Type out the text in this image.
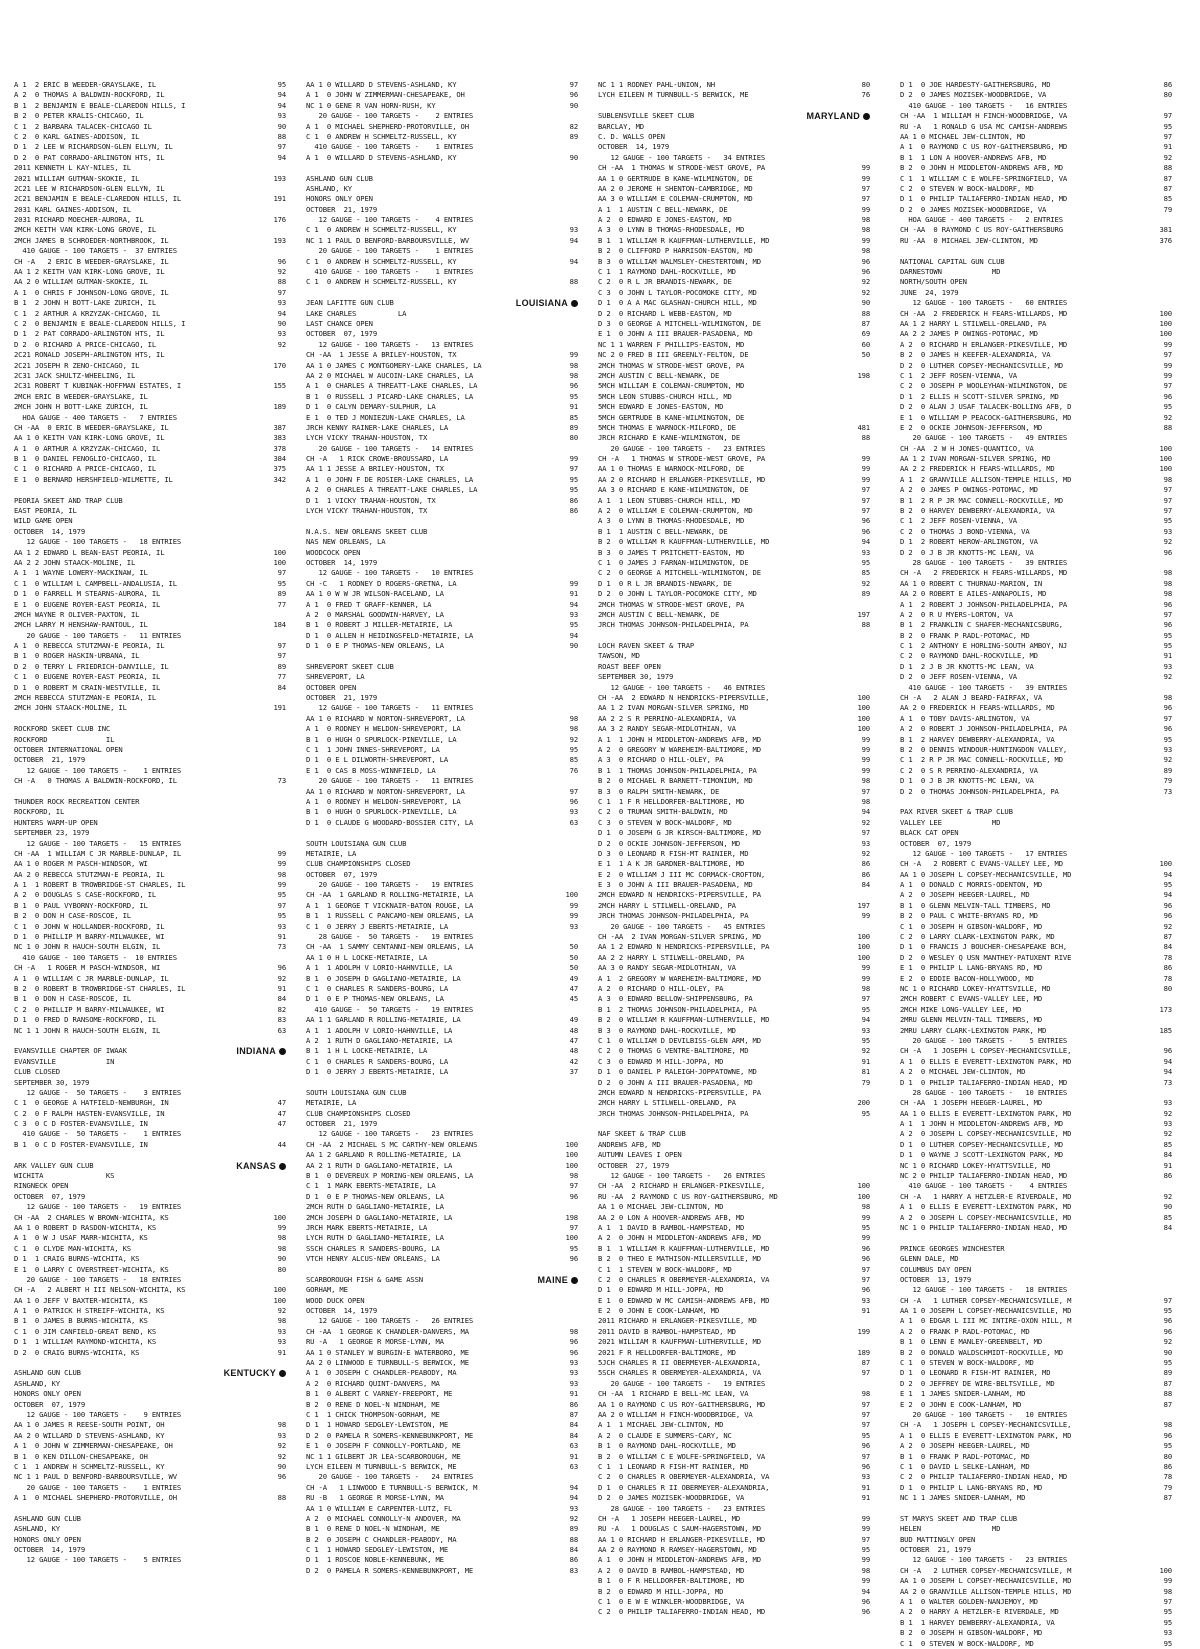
A 1  2 ERIC B WEEDER-GRAYSLAKE, IL	95
A 2  0 THOMAS A BALDWIN-ROCKFORD, IL	94
B 1  2 BENJAMIN E BEALE-CLAREDON HILLS, I	94
B 2  0 PETER KRALIS-CHICAGO, IL	93
C 1  2 BARBARA TALACEK-CHICAGO IL	90
C 2  0 KARL GAINES-ADDISON, IL	88
D 1  2 LEE W RICHARDSON-GLEN ELLYN, IL	97
D 2  0 PAT CORRADO-ARLINGTON HTS, IL	94
2011 KENNETH L KAY-NILES, IL
2021 WILLIAM GUTMAN-SKOKIE, IL	193
2C21 LEE W RICHARDSON-GLEN ELLYN, IL
2C21 BENJAMIN E BEALE-CLAREDON HILLS, IL	191
2031 KARL GAINES-ADDISON, IL
2031 RICHARD MOECHER-AURORA, IL	176
2MCH KEITH VAN KIRK-LONG GROVE, IL
2MCH JAMES B SCHROEDER-NORTHBROOK, IL	193
410 GAUGE - 100 TARGETS -  37 ENTRIES
CH -A   2 ERIC B WEEDER-GRAYSLAKE, IL	96
AA 1 2 KEITH VAN KIRK-LONG GROVE, IL	92
AA 2 0 WILLIAM GUTMAN-SKOKIE, IL	88
A 1  0 CHRIS F JOHNSON-LONG GROVE, IL	97
B 1  2 JOHN H BOTT-LAKE ZURICH, IL	93
C 1  2 ARTHUR A KRZYZAK-CHICAGO, IL	94
C 2  0 BENJAMIN E BEALE-CLAREDON HILLS, I	90
D 1  2 PAT CORRADO-ARLINGTON HTS, IL	93
D 2  0 RICHARD A PRICE-CHICAGO, IL	92
2C21 RONALD JOSEPH-ARLINGTON HTS, IL
2C21 JOSEPH R ZENO-CHICAGO, IL	170
2C31 JACK SHULTZ-WHEELING, IL
2C31 ROBERT T KUBINAK-HOFFMAN ESTATES, I	155
2MCH ERIC B WEEDER-GRAYSLAKE, IL
2MCH JOHN H BOTT-LAKE ZURICH, IL	189
HOA GAUGE - 400 TARGETS -   7 ENTRIES
CH -AA  0 ERIC B WEEDER-GRAYSLAKE, IL	387
AA 1 0 KEITH VAN KIRK-LONG GROVE, IL	383
A 1  0 ARTHUR A KRZYZAK-CHICAGO, IL	378
B 1  0 DANIEL FENOGLIO-CHICAGO, IL	384
C 1  0 RICHARD A PRICE-CHICAGO, IL	375
E 1  0 BERNARD HERSHFIELD-WILMETTE, IL	342
PEORIA SKEET AND TRAP CLUB
EAST PEORIA, IL
WILD GAME OPEN
OCTOBER  14, 1979
12 GAUGE - 100 TARGETS -   18 ENTRIES
AA 1 2 EDWARD L BEAN-EAST PEORIA, IL	100
AA 2 2 JOHN STAACK-MOLINE, IL	100
A 1  1 WAYNE LOWERY-MACKINAW, IL	97
C 1  0 WILLIAM L CAMPBELL-ANDALUSIA, IL	95
D 1  0 FARRELL M STEARNS-AURORA, IL	89
E 1  0 EUGENE ROYER-EAST PEORIA, IL	77
2MCH WAYNE R OLIVER-PAXTON, IL
2MCH LARRY M HENSHAW-RANTOUL, IL	184
20 GAUGE - 100 TARGETS -   11 ENTRIES
A 1  0 REBECCA STUTZMAN-E PEORIA, IL	97
B 1  0 ROGER HASKIN-URBANA, IL	97
D 2  0 TERRY L FRIEDRICH-DANVILLE, IL	89
C 1  0 EUGENE ROYER-EAST PEORIA, IL	77
D 1  0 ROBERT M CRAIN-WESTVILLE, IL	84
2MCH REBECCA STUTZMAN-E PEORIA, IL
2MCH JOHN STAACK-MOLINE, IL	191
ROCKFORD SKEET CLUB INC
ROCKFORD              IL
OCTOBER INTERNATIONAL OPEN
OCTOBER  21, 1979
12 GAUGE - 100 TARGETS -    1 ENTRIES
CH -A   0 THOMAS A BALDWIN-ROCKFORD, IL	73
THUNDER ROCK RECREATION CENTER
ROCKFORD, IL
HUNTERS WARM-UP OPEN
SEPTEMBER 23, 1979
12 GAUGE - 100 TARGETS -   15 ENTRIES
CH -AA  1 WILLIAM C JR MARBLE-DUNLAP, IL	99
AA 1 0 ROGER M PASCH-WINDSOR, WI	99
AA 2 0 REBECCA STUTZMAN-E PEORIA, IL	98
A 1  1 ROBERT B TROWBRIDGE-ST CHARLES, IL	99
A 2  0 DOUGLAS S CASE-ROCKFORD, IL	95
B 1  0 PAUL VYBORNY-ROCKFORD, IL	97
B 2  0 DON H CASE-ROSCOE, IL	95
C 1  0 JOHN W HOLLANDER-ROCKFORD, IL	93
D 1  0 PHILLIP M BARRY-MILWAUKEE, WI	91
NC 1 0 JOHN R HAUCH-SOUTH ELGIN, IL	73
410 GAUGE - 100 TARGETS -  10 ENTRIES
CH -A   1 ROGER M PASCH-WINDSOR, WI	96
A 1  0 WILLIAM C JR MARBLE-DUNLAP, IL	92
B 2  0 ROBERT B TROWBRIDGE-ST CHARLES, IL	91
B 1  0 DON H CASE-ROSCOE, IL	84
C 2  0 PHILLIP M BARRY-MILWAUKEE, WI	82
D 1  0 FRED D RANSOME-ROCKFORD, IL	83
NC 1 1 JOHN R HAUCH-SOUTH ELGIN, IL	63
EVANSVILLE CHAPTER OF IWAAK	INDIANA
EVANSVILLE            IN
CLUB CLOSED
SEPTEMBER 30, 1979
12 GAUGE -  50 TARGETS -    3 ENTRIES
C 1  0 GEORGE A HATFIELD-NEWBURGH, IN	47
C 2  0 F RALPH HASTEN-EVANSVILLE, IN	47
C 3  0 C D FOSTER-EVANSVILLE, IN	47
410 GAUGE -  50 TARGETS -    1 ENTRIES
B 1  0 C D FOSTER-EVANSVILLE, IN	44
ARK VALLEY GUN CLUB	KANSAS
WICHITA               KS
RINGNECK OPEN
OCTOBER  07, 1979
12 GAUGE - 100 TARGETS -   19 ENTRIES
CH -AA  2 CHARLES W BROWN-WICHITA, KS	100
AA 1 0 ROBERT D RASDON-WICHITA, KS	99
A 1  0 W J USAF MARR-WICHITA, KS	98
C 1  0 CLYDE MAN-WICHITA, KS	98
D 1  1 CRAIG BURNS-WICHITA, KS	90
E 1  0 LARRY C OVERSTREET-WICHITA, KS	80
20 GAUGE - 100 TARGETS -   18 ENTRIES
CH -A   2 ALBERT H III NELSON-WICHITA, KS	100
AA 1 0 JEFF V BAXTER-WICHITA, KS	100
A 1  0 PATRICK H STREIFF-WICHITA, KS	92
B 1  0 JAMES B BURNS-WICHITA, KS	98
C 1  0 JIM CANFIELD-GREAT BEND, KS	93
D 1  1 WILLIAM RAYMOND-WICHITA, KS	93
D 2  0 CRAIG BURNS-WICHITA, KS	91
ASHLAND GUN CLUB	KENTUCKY
ASHLAND, KY
HONORS ONLY OPEN
OCTOBER  07, 1979
12 GAUGE - 100 TARGETS -    9 ENTRIES
AA 1 0 JAMES R REESE-SOUTH POINT, OH	98
AA 2 0 WILLARD D STEVENS-ASHLAND, KY	93
A 1  0 JOHN W ZIMMERMAN-CHESAPEAKE, OH	92
B 1  0 KEN DILLON-CHESAPEAKE, OH	92
C 1  1 ANDREW H SCHMELTZ-RUSSELL, KY	90
NC 1 1 PAUL D BENFORD-BARBOURSVILLE, WV	96
20 GAUGE - 100 TARGETS -    1 ENTRIES
A 1  0 MICHAEL SHEPHERD-PROTORVILLE, OH	88
ASHLAND GUN CLUB
ASHLAND, KY
HONORS ONLY OPEN
OCTOBER  14, 1979
12 GAUGE - 100 TARGETS -    5 ENTRIES
AA 1 0 WILLARD D STEVENS-ASHLAND, KY	97
A 1  0 JOHN W ZIMMERMAN-CHESAPEAKE, OH	96
NC 1 0 GENE R VAN HORN-RUSH, KY	90
20 GAUGE - 100 TARGETS -    2 ENTRIES
A 1  0 MICHAEL SHEPHERD-PROTORVILLE, OH	82
C 1  0 ANDREW H SCHMELTZ-RUSSELL, KY	89
410 GAUGE - 100 TARGETS -    1 ENTRIES
A 1  0 WILLARD D STEVENS-ASHLAND, KY	90
ASHLAND GUN CLUB
ASHLAND, KY
HONORS ONLY OPEN
OCTOBER  21, 1979
12 GAUGE - 100 TARGETS -    4 ENTRIES
C 1  0 ANDREW H SCHMELTZ-RUSSELL, KY	93
NC 1 1 PAUL D BENFORD-BARBOURSVILLE, WV	94
20 GAUGE - 100 TARGETS -    1 ENTRIES
C 1  0 ANDREW H SCHMELTZ-RUSSELL, KY	94
410 GAUGE - 100 TARGETS -    1 ENTRIES
C 1  0 ANDREW H SCHMELTZ-RUSSELL, KY	88
JEAN LAFITTE GUN CLUB	LOUISIANA
LAKE CHARLES          LA
LAST CHANCE OPEN
OCTOBER  07, 1979
12 GAUGE - 100 TARGETS -   13 ENTRIES
CH -AA  1 JESSE A BRILEY-HOUSTON, TX	99
AA 1 0 JAMES C MONTGOMERY-LAKE CHARLES, LA	98
AA 2 0 MICHAEL W AUCOIN-LAKE CHARLES, LA	98
A 1  0 CHARLES A THREATT-LAKE CHARLES, LA	96
B 1  0 RUSSELL J PICARD-LAKE CHARLES, LA	95
D 1  0 CALYN DEMARY-SULPHUR, LA	91
E 1  0 TED J MONIEZUN-LAKE CHARLES, LA	85
JRCH KENNY RAINER-LAKE CHARLES, LA	89
LYCH VICKY TRAHAN-HOUSTON, TX	80
20 GAUGE - 100 TARGETS -   14 ENTRIES
CH -A   1 RICK CROWE-BROUSSARD, LA	99
AA 1 1 JESSE A BRILEY-HOUSTON, TX	97
A 1  0 JOHN F DE ROSIER-LAKE CHARLES, LA	95
A 2  0 CHARLES A THREATT-LAKE CHARLES, LA	95
D 1  1 VICKY TRAHAN-HOUSTON, TX	86
LYCH VICKY TRAHAN-HOUSTON, TX	86
N.A.S. NEW ORLEANS SKEET CLUB
NAS NEW ORLEANS, LA
WOODCOCK OPEN
OCTOBER  14, 1979
12 GAUGE - 100 TARGETS -   10 ENTRIES
CH -C   1 RODNEY D ROGERS-GRETNA, LA	99
AA 1 0 W W JR WILSON-RACELAND, LA	91
A 1  0 FRED T GRAFF-KENNER, LA	94
A 2  0 MARSHAL GOODWIN-HARVEY, LA	93
B 1  0 ROBERT J MILLER-METAIRIE, LA	95
D 1  0 ALLEN H HEIDINGSFELD-METAIRIE, LA	94
D 1  0 E P THOMAS-NEW ORLEANS, LA	90
SHREVEPORT SKEET CLUB
SHREVEPORT, LA
OCTOBER OPEN
OCTOBER  21, 1979
12 GAUGE - 100 TARGETS -   11 ENTRIES
AA 1 0 RICHARD W NORTON-SHREVEPORT, LA	98
A 1  0 RODNEY H WELDON-SHREVEPORT, LA	98
B 1  0 HUGH O SPURLOCK-PINEVILLE, LA	92
C 1  1 JOHN INNES-SHREVEPORT, LA	95
D 1  0 E L DILWORTH-SHREVEPORT, LA	85
E 1  0 CAS B MOSS-WINNFIELD, LA	76
20 GAUGE - 100 TARGETS -   11 ENTRIES
AA 1 0 RICHARD W NORTON-SHREVEPORT, LA	97
A 1  0 RODNEY H WELDON-SHREVEPORT, LA	96
B 1  0 HUGH O SPURLOCK-PINEVILLE, LA	93
D 1  0 CLAUDE G WOODARD-BOSSIER CITY, LA	63
SOUTH LOUISIANA GUN CLUB
METAIRIE, LA
CLUB CHAMPIONSHIPS CLOSED
OCTOBER  07, 1979
20 GAUGE - 100 TARGETS -   19 ENTRIES
CH -AA  1 GARLAND R ROLLING-METAIRIE, LA	100
A 1  1 GEORGE T VICKNAIR-BATON ROUGE, LA	99
B 1  1 RUSSELL C PANCAMO-NEW ORLEANS, LA	99
C 1  0 JERRY J EBERTS-METAIRIE, LA	93
28 GAUGE -  50 TARGETS -   19 ENTRIES
CH -AA  1 SAMMY CENTANNI-NEW ORLEANS, LA	50
AA 1 0 H L LOCKE-METAIRIE, LA	50
A 1  1 ADOLPH V LORIO-HAHNVILLE, LA	50
B 1  0 JOSEPH D GAGLIANO-METAIRIE, LA	49
C 1  0 CHARLES R SANDERS-BOURG, LA	47
D 1  0 E P THOMAS-NEW ORLEANS, LA	45
410 GAUGE -  50 TARGETS -   19 ENTRIES
AA 1 1 GARLAND R ROLLING-METAIRIE, LA	49
A 1  1 ADOLPH V LORIO-HAHNVILLE, LA	48
A 2  1 RUTH D GAGLIANO-METAIRIE, LA	47
B 1  1 H L LOCKE-METAIRIE, LA	48
C 1  0 CHARLES R SANDERS-BOURG, LA	42
D 1  0 JERRY J EBERTS-METAIRIE, LA	37
SOUTH LOUISIANA GUN CLUB
METAIRIE, LA
CLUB CHAMPIONSHIPS CLOSED
OCTOBER  21, 1979
12 GAUGE - 100 TARGETS -   23 ENTRIES
CH -AA  2 MICHAEL S MC CARTHY-NEW ORLEANS	100
AA 1 2 GARLAND R ROLLING-METAIRIE, LA	100
AA 2 1 RUTH D GAGLIANO-METAIRIE, LA	100
B 1  0 DEVEREUX P MORING-NEW ORLEANS, LA	98
C 1  1 MARK EBERTS-METAIRIE, LA	97
D 1  0 E P THOMAS-NEW ORLEANS, LA	96
2MCH RUTH D GAGLIANO-METAIRIE, LA
2MCH JOSEPH D GAGLIANO-METAIRIE, LA	198
JRCH MARK EBERTS-METAIRIE, LA	97
LYCH RUTH D GAGLIANO-METAIRIE, LA	100
SSCH CHARLES R SANDERS-BOURG, LA	95
VTCH HENRY ALCUS-NEW ORLEANS, LA	96
SCARBOROUGH FISH & GAME ASSN	MAINE
GORHAM, ME
WOOD DUCK OPEN
OCTOBER  14, 1979
12 GAUGE - 100 TARGETS -   26 ENTRIES
CH -AA  1 GEORGE K CHANDLER-DANVERS, MA	98
RU -A   1 GEORGE R MORSE-LYNN, MA	96
AA 1 0 STANLEY W BURGIN-E WATERBORO, ME	96
AA 2 0 LINWOOD E TURNBULL-S BERWICK, ME	93
A 1  0 JOSEPH C CHANDLER-PEABODY, MA	93
A 2  0 RICHARD QUINT-DANVERS, MA	93
B 1  0 ALBERT C VARNEY-FREEPORT, ME	91
B 2  0 RENE D NOEL-N WINDHAM, ME	86
C 1  1 CHICK THOMPSON-GORHAM, ME	87
D 1  1 HOWARD SEDGLEY-LEWISTON, ME	84
D 2  0 PAMELA R SOMERS-KENNEBUNKPORT, ME	84
E 1  0 JOSEPH F CONNOLLY-PORTLAND, ME	63
NC 1 1 GILBERT JR LEA-SCARBOROUGH, ME	91
LYCH EILEEN M TURNBULL-S BERWICK, ME	63
20 GAUGE - 100 TARGETS -   24 ENTRIES
CH -A   1 LINWOOD E TURNBULL-S BERWICK, M	94
RU -B   1 GEORGE R MORSE-LYNN, MA	94
AA 1 0 WILLIAM E CARPENTER-LUTZ, FL	93
A 2  0 MICHAEL CONNOLLY-N ANDOVER, MA	92
B 1  0 RENE D NOEL-N WINDHAM, ME	89
B 2  0 JOSEPH C CHANDLER-PEABODY, MA	88
C 1  1 HOWARD SEDGLEY-LEWISTON, ME	84
D 1  1 ROSCOE NOBLE-KENNEBUNK, ME	86
D 2  0 PAMELA R SOMERS-KENNEBUNKPORT, ME	83
NC 1 1 RODNEY PAHL-UNION, NH	80
LYCH EILEEN M TURNBULL-S BERWICK, ME	76
SUBLENSVILLE SKEET CLUB	MARYLAND
BARCLAY, MD
C. D. WALLS OPEN
OCTOBER  14, 1979
12 GAUGE - 100 TARGETS -   34 ENTRIES
CH -AA  1 THOMAS W STRODE-WEST GROVE, PA	99
AA 1 0 GERTRUDE B KANE-WILMINGTON, DE	99
AA 2 0 JEROME H SHENTON-CAMBRIDGE, MD	97
AA 3 0 WILLIAM E COLEMAN-CRUMPTON, MD	97
A 1  1 AUSTIN C BELL-NEWARK, DE	99
A 2  0 EDWARD E JONES-EASTON, MD	98
A 3  0 LYNN B THOMAS-RHODESDALE, MD	98
B 1  1 WILLIAM R KAUFFMAN-LUTHERVILLE, MD	99
B 2  0 CLIFFORD P HARRISON-EASTON, MD	98
B 3  0 WILLIAM WALMSLEY-CHESTERTOWN, MD	96
C 1  1 RAYMOND DAHL-ROCKVILLE, MD	96
C 2  0 R L JR BRANDIS-NEWARK, DE	92
C 3  0 JOHN L TAYLOR-POCOMOKE CITY, MD	92
D 1  0 A A MAC GLASHAN-CHURCH HILL, MD	90
D 2  0 RICHARD L WEBB-EASTON, MD	88
D 3  0 GEORGE A MITCHELL-WILMINGTON, DE	87
E 1  0 JOHN A III BRAUER-PASADENA, MD	69
NC 1 1 WARREN F PHILLIPS-EASTON, MD	60
NC 2 0 FRED B III GREENLY-FELTON, DE	50
2MCH THOMAS W STRODE-WEST GROVE, PA
2MCH AUSTIN C BELL-NEWARK, DE	198
5MCH WILLIAM E COLEMAN-CRUMPTON, MD
5MCH LEON STUBBS-CHURCH HILL, MD
5MCH EDWARD E JONES-EASTON, MD
5MCH GERTRUDE B KANE-WILMINGTON, DE
5MCH THOMAS E WARNOCK-MILFORD, DE	481
JRCH RICHARD E KANE-WILMINGTON, DE	88
20 GAUGE - 100 TARGETS -   23 ENTRIES
CH -A   1 THOMAS W STRODE-WEST GROVE, PA	99
AA 1 0 THOMAS E WARNOCK-MILFORD, DE	99
AA 2 0 RICHARD H ERLANGER-PIKESVILLE, MD	99
AA 3 0 RICHARD E KANE-WILMINGTON, DE	97
A 1  1 LEON STUBBS-CHURCH HILL, MD	97
A 2  0 WILLIAM E COLEMAN-CRUMPTON, MD	97
A 3  0 LYNN B THOMAS-RHODESDALE, MD	96
B 1  1 AUSTIN C BELL-NEWARK, DE	96
B 2  0 WILLIAM R KAUFFMAN-LUTHERVILLE, MD	94
B 3  0 JAMES T PRITCHETT-EASTON, MD	93
C 1  0 JAMES J FARNAN-WILMINGTON, DE	95
C 2  0 GEORGE A MITCHELL-WILMINGTON, DE	85
D 1  0 R L JR BRANDIS-NEWARK, DE	92
D 2  0 JOHN L TAYLOR-POCOMOKE CITY, MD	89
2MCH THOMAS W STRODE-WEST GROVE, PA
2MCH AUSTIN C BELL-NEWARK, DE	197
JRCH THOMAS JOHNSON-PHILADELPHIA, PA	88
LOCH RAVEN SKEET & TRAP
TAWSON, MD
ROAST BEEF OPEN
SEPTEMBER 30, 1979
12 GAUGE - 100 TARGETS -   46 ENTRIES
CH -AA  2 EDWARD N HENDRICKS-PIPERSVILLE,	100
AA 1 2 IVAN MORGAN-SILVER SPRING, MD	100
AA 2 2 S R PERRINO-ALEXANDRIA, VA	100
AA 3 2 RANDY SEGAR-MIDLOTHIAN, VA	100
A 1  1 JOHN H MIDDLETON-ANDREWS AFB, MD	99
A 2  0 GREGORY W WAREHEIM-BALTIMORE, MD	99
A 3  0 RICHARD O HILL-OLEY, PA	99
B 1  1 THOMAS JOHNSON-PHILADELPHIA, PA	99
B 2  0 MICHAEL R BARNETT-TIMONIUM, MD	98
B 3  0 RALPH SMITH-NEWARK, DE	97
C 1  1 F R HELLDORFER-BALTIMORE, MD	98
C 2  0 TRUMAN SMITH-BALDWIN, MD	94
C 3  0 STEVEN W BOCK-WALDORF, MD	92
D 1  0 JOSEPH G JR KIRSCH-BALTIMORE, MD	97
D 2  0 OCKIE JOHNSON-JEFFERSON, MD	93
D 3  0 LEONARD R FISH-MT RAINIER, MD	92
E 1  1 A K JR GARDNER-BALTIMORE, MD	86
E 2  0 WILLIAM J III MC CORMACK-CROFTON,	86
E 3  0 JOHN A III BRAUER-PASADENA, MD	84
2MCH EDWARD N HENDRICKS-PIPERSVILLE, PA
2MCH HARRY L STILWELL-ORELAND, PA	197
JRCH THOMAS JOHNSON-PHILADELPHIA, PA	99
20 GAUGE - 100 TARGETS -   45 ENTRIES
CH -AA  2 IVAN MORGAN-SILVER SPRING, MD	100
AA 1 2 EDWARD N HENDRICKS-PIPERSVILLE, PA	100
AA 2 2 HARRY L STILWELL-ORELAND, PA	100
AA 3 0 RANDY SEGAR-MIDLOTHIAN, VA	99
A 1  2 GREGORY W WAREHEIM-BALTIMORE, MD	99
A 2  0 RICHARD O HILL-OLEY, PA	98
A 3  0 EDWARD BELLOW-SHIPPENSBURG, PA	97
B 1  2 THOMAS JOHNSON-PHILADELPHIA, PA	95
B 2  0 WILLIAM R KAUFFMAN-LUTHERVILLE, MD	94
B 3  0 RAYMOND DAHL-ROCKVILLE, MD	93
C 1  0 WILLIAM D DEVILBISS-GLEN ARM, MD	95
C 2  0 THOMAS G VENTRE-BALTIMORE, MD	92
C 3  0 EDWARD M HILL-JOPPA, MD	91
D 1  0 DANIEL P RALEIGH-JOPPATOWNE, MD	81
D 2  0 JOHN A III BRAUER-PASADENA, MD	79
2MCH EDWARD N HENDRICKS-PIPERSVILLE, PA
2MCH HARRY L STILWELL-ORELAND, PA	200
JRCH THOMAS JOHNSON-PHILADELPHIA, PA	95
NAF SKEET & TRAP CLUB
ANDREWS AFB, MD
AUTUMN LEAVES I OPEN
OCTOBER  27, 1979
12 GAUGE - 100 TARGETS -   26 ENTRIES
CH -AA  2 RICHARD H ERLANGER-PIKESVILLE,	100
RU -AA  2 RAYMOND C US ROY-GAITHERSBURG, MD	100
AA 1 0 MICHAEL JEW-CLINTON, MD	98
AA 2 0 LON A HOOVER-ANDREWS AFB, MD	99
A 1  1 DAVID B RAMBOL-HAMPSTEAD, MD	95
A 2  0 JOHN H MIDDLETON-ANDREWS AFB, MD	99
B 1  1 WILLIAM R KAUFFMAN-LUTHERVILLE, MD	96
B 2  0 THEO E MATHISON-MILLERSVILLE, MD	96
C 1  1 STEVEN W BOCK-WALDORF, MD	97
C 2  0 CHARLES R OBERMEYER-ALEXANDRIA, VA	97
D 1  0 EDWARD M HILL-JOPPA, MD	96
E 1  0 EDWARD W MC CAMISH-ANDREWS AFB, MD	93
E 2  0 JOHN E COOK-LANHAM, MD	91
2011 RICHARD H ERLANGER-PIKESVILLE, MD
2011 DAVID B RAMBOL-HAMPSTEAD, MD	199
2021 WILLIAM R KAUFFMAN-LUTHERVILLE, MD
2021 F R HELLDORFER-BALTIMORE, MD	189
5JCH CHARLES R II OBERMEYER-ALEXANDRIA,	87
5SCH CHARLES R OBERMEYER-ALEXANDRIA, VA	97
20 GAUGE - 100 TARGETS -   19 ENTRIES
CH -AA  1 RICHARD E BELL-MC LEAN, VA	98
AA 1 0 RAYMOND C US ROY-GAITHERSBURG, MD	97
AA 2 0 WILLIAM H FINCH-WOODBRIDGE, VA	97
A 1  1 MICHAEL JEW-CLINTON, MD	97
A 2  0 CLAUDE E SUMMERS-CARY, NC	95
B 1  0 RAYMOND DAHL-ROCKVILLE, MD	96
B 2  0 WILLIAM C E WOLFE-SPRINGFIELD, VA	97
C 1  1 LEONARD R FISH-MT RAINIER, MD	96
C 2  0 CHARLES R OBERMEYER-ALEXANDRIA, VA	93
D 1  0 CHARLES R II OBERMEYER-ALEXANDRIA,	91
D 2  0 JAMES MOZISEK-WOODBRIDGE, VA	91
28 GAUGE - 100 TARGETS -   23 ENTRIES
CH -A   1 JOSEPH HEEGER-LAUREL, MD	99
RU -A   1 DOUGLAS C SAUM-HAGERSTOWN, MD	99
AA 1 0 RICHARD H ERLANGER-PIKESVILLE, MD	97
AA 2 0 RAYMOND R RAMSEY-HAGERSTOWN, MD	95
A 1  0 JOHN H MIDDLETON-ANDREWS AFB, MD	99
A 2  0 DAVID B RAMBOL-HAMPSTEAD, MD	98
B 1  0 F R HELLDORFER-BALTIMORE, MD	99
B 2  0 EDWARD M HILL-JOPPA, MD	94
C 1  0 E W E WINKLER-WOODBRIDGE, VA	96
C 2  0 PHILIP TALIAFERRO-INDIAN HEAD, MD	96
D 1  0 JOE HARDESTY-GAITHERSBURG, MD	86
D 2  0 JAMES MOZISEK-WOODBRIDGE, VA	80
410 GAUGE - 100 TARGETS -   16 ENTRIES
CH -AA  1 WILLIAM H FINCH-WOODBRIDGE, VA	97
RU -A   1 RONALD G USA MC CAMISH-ANDREWS	95
AA 1 0 MICHAEL JEW-CLINTON, MD	97
A 1  0 RAYMOND C US ROY-GAITHERSBURG, MD	91
B 1  1 LON A HOOVER-ANDREWS AFB, MD	92
B 2  0 JOHN H MIDDLETON-ANDREWS AFB, MD	88
C 1  1 WILLIAM C E WOLFE-SPRINGFIELD, VA	87
C 2  0 STEVEN W BOCK-WALDORF, MD	87
D 1  0 PHILIP TALIAFERRO-INDIAN HEAD, MD	85
D 2  0 JAMES MOZISEK-WOODBRIDGE, VA	79
HOA GAUGE - 400 TARGETS -   2 ENTRIES
CH -AA  0 RAYMOND C US ROY-GAITHERSBURG	381
RU -AA  0 MICHAEL JEW-CLINTON, MD	376
NATIONAL CAPITAL GUN CLUB
DARNESTOWN            MD
NORTH/SOUTH OPEN
JUNE  24, 1979
12 GAUGE - 100 TARGETS -   60 ENTRIES
CH -AA  2 FREDERICK H FEARS-WILLARDS, MD	100
AA 1 2 HARRY L STILWELL-ORELAND, PA	100
AA 2 2 JAMES P OWINGS-POTOMAC, MD	100
A 2  0 RICHARD H ERLANGER-PIKESVILLE, MD	99
B 2  0 JAMES H KEEFER-ALEXANDRIA, VA	97
D 2  0 LUTHER COPSEY-MECHANICSVILLE, MD	99
C 1  2 JEFF ROSEN-VIENNA, VA	99
C 2  0 JOSEPH P WOOLEYHAN-WILMINGTON, DE	97
D 1  2 ELLIS H SCOTT-SILVER SPRING, MD	96
D 2  0 ALAN J USAF TALACEK-BOLLING AFB, D	95
E 1  0 WILLIAM P PEACOCK-GAITHERSBURG, MD	92
E 2  0 OCKIE JOHNSON-JEFFERSON, MD	88
20 GAUGE - 100 TARGETS -   49 ENTRIES
CH -AA  2 W H JONES-QUANTICO, VA	100
AA 1 2 IVAN MORGAN-SILVER SPRING, MD	100
AA 2 2 FREDERICK H FEARS-WILLARDS, MD	100
A 1  2 GRANVILLE ALLISON-TEMPLE HILLS, MD	98
A 2  0 JAMES P OWINGS-POTOMAC, MD	97
B 1  2 R P JR MAC CONNELL-ROCKVILLE, MD	97
B 2  0 HARVEY DEWBERRY-ALEXANDRIA, VA	97
C 1  2 JEFF ROSEN-VIENNA, VA	95
C 2  0 THOMAS J BOND-VIENNA, VA	93
D 1  2 ROBERT HEROW-ARLINGTON, VA	92
D 2  0 J B JR KNOTTS-MC LEAN, VA	96
28 GAUGE - 100 TARGETS -   39 ENTRIES
CH -A   2 FREDERICK H FEARS-WILLARDS, MD	98
AA 1 0 ROBERT C THURNAU-MARION, IN	98
AA 2 0 ROBERT E AILES-ANNAPOLIS, MD	98
A 1  2 ROBERT J JOHNSON-PHILADELPHIA, PA	96
A 2  0 R U MYERS-LORTON, VA	97
B 1  2 FRANKLIN C SHAFER-MECHANICSBURG,	96
B 2  0 FRANK P RADL-POTOMAC, MD	95
C 1  2 ANTHONY E HORLING-SOUTH AMBOY, NJ	95
C 2  0 RAYMOND DAHL-ROCKVILLE, MD	91
D 1  2 J B JR KNOTTS-MC LEAN, VA	93
D 2  0 JEFF ROSEN-VIENNA, VA	92
410 GAUGE - 100 TARGETS -   39 ENTRIES
CH -A   2 ALAN J BEARD-FAIRFAX, VA	98
AA 2 0 FREDERICK H FEARS-WILLARDS, MD	96
A 1  0 TOBY DAVIS-ARLINGTON, VA	97
A 2  0 ROBERT J JOHNSON-PHILADELPHIA, PA	96
B 1  2 HARVEY DEWBERRY-ALEXANDRIA, VA	95
B 2  0 DENNIS WINDOUR-HUNTINGDON VALLEY,	93
C 1  2 R P JR MAC CONNELL-ROCKVILLE, MD	92
C 2  0 S R PERRINO-ALEXANDRIA, VA	89
D 1  0 J B JR KNOTTS-MC LEAN, VA	79
D 2  0 THOMAS JOHNSON-PHILADELPHIA, PA	73
PAX RIVER SKEET & TRAP CLUB
VALLEY LEE            MD
BLACK CAT OPEN
OCTOBER  07, 1979
12 GAUGE - 100 TARGETS -   17 ENTRIES
CH -A   2 ROBERT C EVANS-VALLEY LEE, MD	100
AA 1 0 JOSEPH L COPSEY-MECHANICSVILLE, MD	94
A 1  0 DONALD C MORRIS-ODENTON, MD	95
A 2  0 JOSEPH HEEGER-LAUREL, MD	94
B 1  0 GLENN MELVIN-TALL TIMBERS, MD	96
B 2  0 PAUL C WHITE-BRYANS RD, MD	96
C 1  0 JOSEPH H GIBSON-WALDORF, MD	92
C 2  0 LARRY CLARK-LEXINGTON PARK, MD	87
D 1  0 FRANCIS J BOUCHER-CHESAPEAKE BCH,	84
D 2  0 WESLEY Q USN MANTHEY-PATUXENT RIVE	78
E 1  0 PHILIP L LANG-BRYANS RD, MD	86
E 2  0 EDDIE BACON-HOLLYWOOD, MD	78
NC 1 0 RICHARD LOKEY-HYATTSVILLE, MD	80
2MCH ROBERT C EVANS-VALLEY LEE, MD
2MCH MIKE LONG-VALLEY LEE, MD	173
2MRU GLENN MELVIN-TALL TIMBERS, MD
2MRU LARRY CLARK-LEXINGTON PARK, MD	185
20 GAUGE - 100 TARGETS -    5 ENTRIES
CH -A   1 JOSEPH L COPSEY-MECHANICSVILLE,	96
A 1  0 ELLIS E EVERETT-LEXINGTON PARK, MD	94
A 2  0 MICHAEL JEW-CLINTON, MD	94
D 1  0 PHILIP TALIAFERRO-INDIAN HEAD, MD	73
28 GAUGE - 100 TARGETS -   10 ENTRIES
CH -AA  1 JOSEPH HEEGER-LAUREL, MD	93
AA 1 0 ELLIS E EVERETT-LEXINGTON PARK, MD	92
A 1  1 JOHN H MIDDLETON-ANDREWS AFB, MD	93
A 2  0 JOSEPH L COPSEY-MECHANICSVILLE, MD	92
D 1  0 LUTHER COPSEY-MECHANICSVILLE, MD	85
D 1  0 WAYNE J SCOTT-LEXINGTON PARK, MD	84
NC 1 0 RICHARD LOKEY-HYATTSVILLE, MD	91
NC 2 0 PHILIP TALIAFERRO-INDIAN HEAD, MD	86
410 GAUGE - 100 TARGETS -    4 ENTRIES
CH -A   1 HARRY A HETZLER-E RIVERDALE, MD	92
A 1  0 ELLIS E EVERETT-LEXINGTON PARK, MD	90
A 2  0 JOSEPH L COPSEY-MECHANICSVILLE, MD	85
NC 1 0 PHILIP TALIAFERRO-INDIAN HEAD, MD	84
PRINCE GEORGES WINCHESTER
GLENN DALE, MD
COLUMBUS DAY OPEN
OCTOBER  13, 1979
12 GAUGE - 100 TARGETS -   18 ENTRIES
CH -A   1 LUTHER COPSEY-MECHANICSVILLE, M	97
AA 1 0 JOSEPH L COPSEY-MECHANICSVILLE, MD	95
A 1  0 EDGAR L III MC INTIRE-OXON HILL, M	96
A 2  0 FRANK P RADL-POTOMAC, MD	96
B 1  0 LENN E MANLEY-GREENBELT, MD	92
B 2  0 DONALD WALDSCHMIDT-ROCKVILLE, MD	90
C 1  0 STEVEN W BOCK-WALDORF, MD	95
D 1  0 LEONARD R FISH-MT RAINIER, MD	89
D 2  0 JEFFREY DE WIRE-BELTSVILLE, MD	87
E 1  1 JAMES SNIDER-LANHAM, MD	88
E 2  0 JOHN E COOK-LANHAM, MD	87
20 GAUGE - 100 TARGETS -   10 ENTRIES
CH -A   1 JOSEPH L COPSEY-MECHANICSVILLE,	98
A 1  0 ELLIS E EVERETT-LEXINGTON PARK, MD	96
A 2  0 JOSEPH HEEGER-LAUREL, MD	95
B 1  0 FRANK P RADL-POTOMAC, MD	80
C 1  0 DAVID L SELKE-LANHAM, MD	86
C 2  0 PHILIP TALIAFERRO-INDIAN HEAD, MD	78
D 1  0 PHILIP L LANG-BRYANS RD, MD	79
NC 1 1 JAMES SNIDER-LANHAM, MD	87
ST MARYS SKEET AND TRAP CLUB
HELEN                 MD
BUD MATTINGLY OPEN
OCTOBER  21, 1979
12 GAUGE - 100 TARGETS -   23 ENTRIES
CH -A   2 LUTHER COPSEY-MECHANICSVILLE, M	100
AA 1 0 JOSEPH L COPSEY-MECHANICSVILLE, MD	99
AA 2 0 GRANVILLE ALLISON-TEMPLE HILLS, MD	98
A 1  0 WALTER GOLDEN-NANJEMOY, MD	97
A 2  0 HARRY A HETZLER-E RIVERDALE, MD	95
B 1  1 HARVEY DEWBERRY-ALEXANDRIA, VA	95
B 2  0 JOSEPH H GIBSON-WALDORF, MD	93
C 1  0 STEVEN W BOCK-WALDORF, MD	95
